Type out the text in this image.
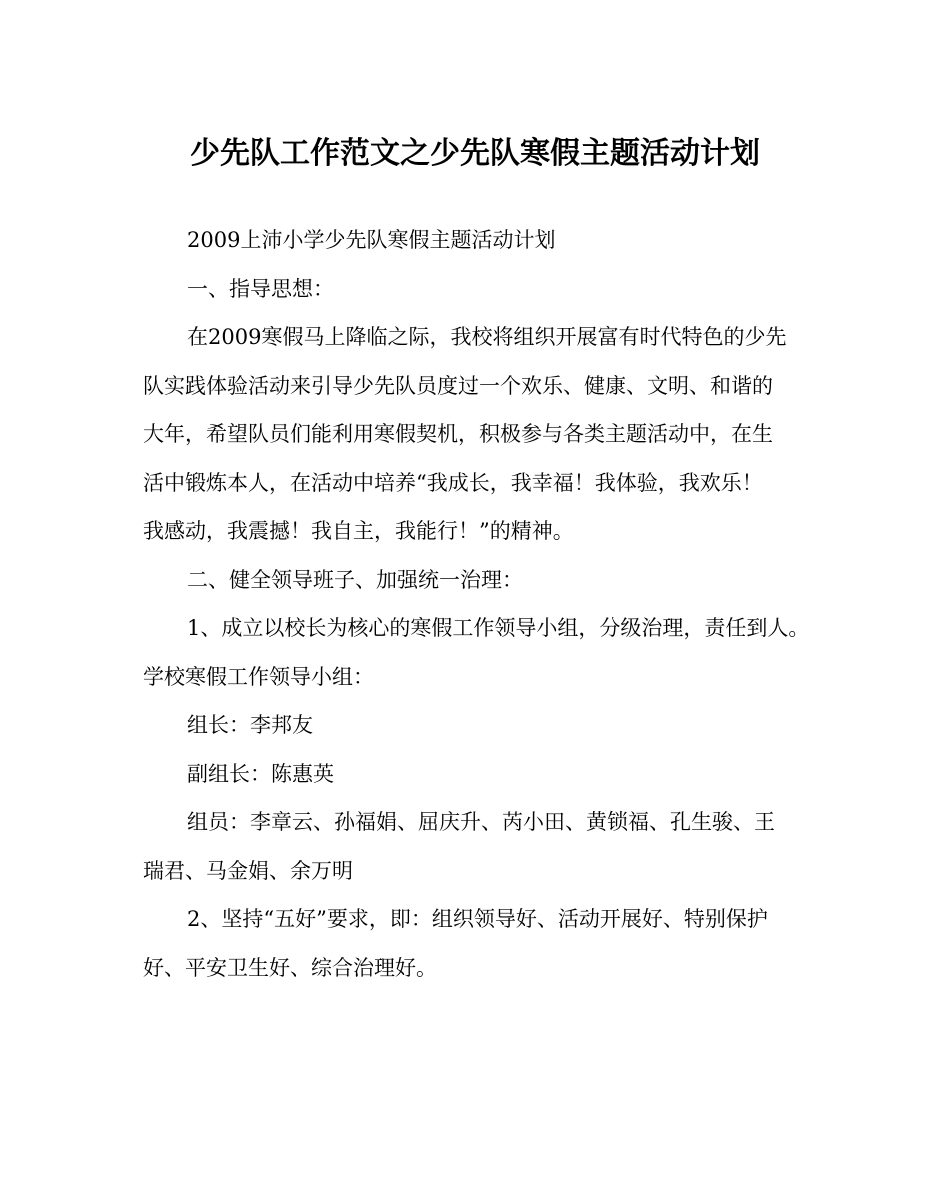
少先队工作范文之少先队寒假主题活动计划

2009上沛小学少先队寒假主题活动计划

一、指导思想：

在2009寒假马上降临之际，我校将组织开展富有时代特色的少先

队实践体验活动来引导少先队员度过一个欢乐、健康、文明、和谐的

大年，希望队员们能利用寒假契机，积极参与各类主题活动中，在生

活中锻炼本人，在活动中培养“我成长，我幸福！我体验，我欢乐！

我感动，我震撼！我自主，我能行！”的精神。

二、健全领导班子、加强统一治理：

1、成立以校长为核心的寒假工作领导小组，分级治理，责任到人。

学校寒假工作领导小组：

组长：李邦友

副组长：陈惠英

组员：李章云、孙福娟、屈庆升、芮小田、黄锁福、孔生骏、王

瑞君、马金娟、余万明

2、坚持“五好”要求，即：组织领导好、活动开展好、特别保护

好、平安卫生好、综合治理好。
